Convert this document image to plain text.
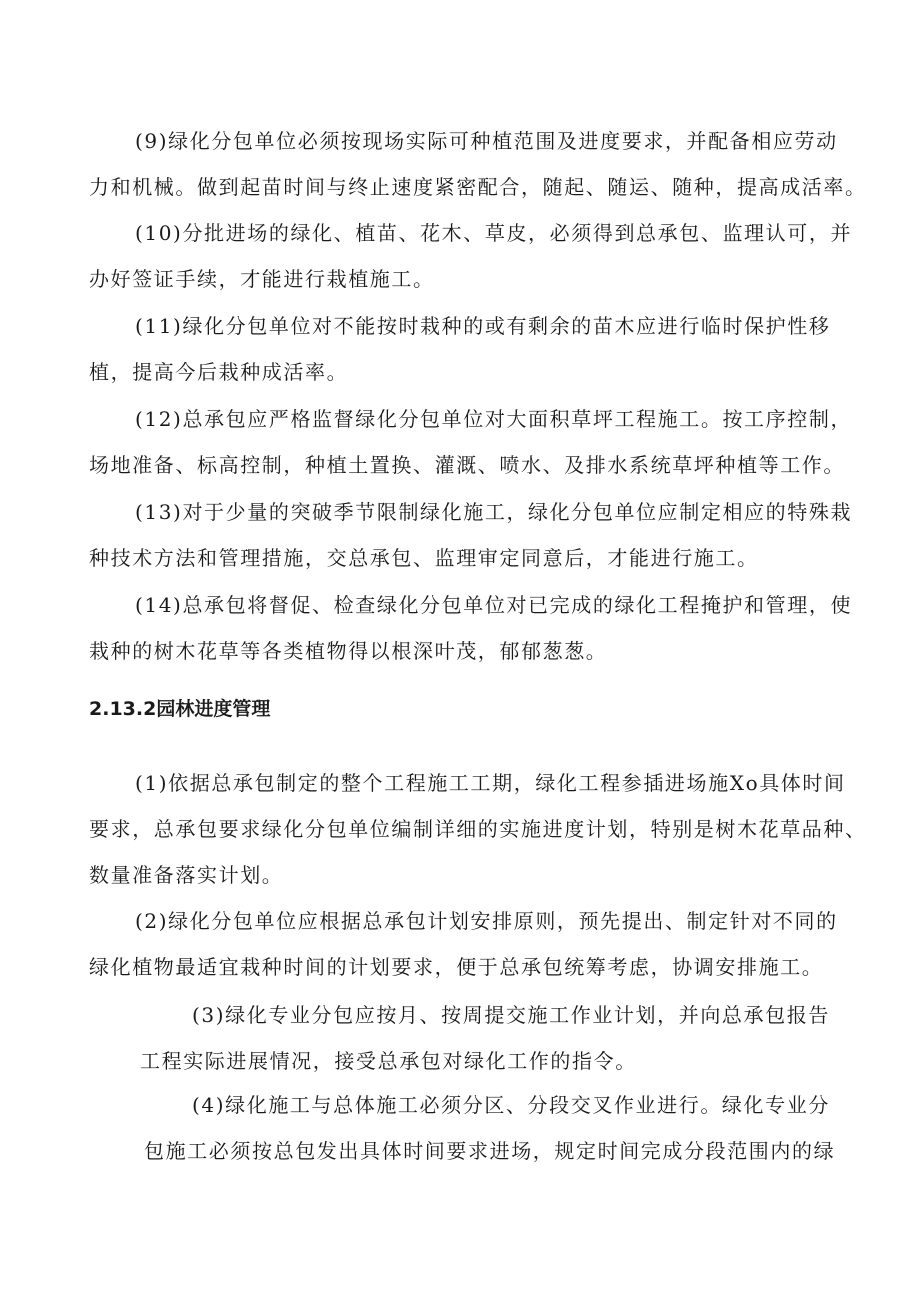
(9)绿化分包单位必须按现场实际可种植范围及进度要求，并配备相应劳动
力和机械。做到起苗时间与终止速度紧密配合，随起、随运、随种，提高成活率。
(10)分批进场的绿化、植苗、花木、草皮，必须得到总承包、监理认可，并
办好签证手续，才能进行栽植施工。
(11)绿化分包单位对不能按时栽种的或有剩余的苗木应进行临时保护性移
植，提高今后栽种成活率。
(12)总承包应严格监督绿化分包单位对大面积草坪工程施工。按工序控制，
场地准备、标高控制，种植土置换、灌溉、喷水、及排水系统草坪种植等工作。
(13)对于少量的突破季节限制绿化施工，绿化分包单位应制定相应的特殊栽
种技术方法和管理措施，交总承包、监理审定同意后，才能进行施工。
(14)总承包将督促、检查绿化分包单位对已完成的绿化工程掩护和管理，使
栽种的树木花草等各类植物得以根深叶茂，郁郁葱葱。
2.13.2园林进度管理
(1)依据总承包制定的整个工程施工工期，绿化工程参插进场施Xo具体时间
要求，总承包要求绿化分包单位编制详细的实施进度计划，特别是树木花草品种、
数量准备落实计划。
(2)绿化分包单位应根据总承包计划安排原则，预先提出、制定针对不同的
绿化植物最适宜栽种时间的计划要求，便于总承包统筹考虑，协调安排施工。
(3)绿化专业分包应按月、按周提交施工作业计划，并向总承包报告
工程实际进展情况，接受总承包对绿化工作的指令。
(4)绿化施工与总体施工必须分区、分段交叉作业进行。绿化专业分
包施工必须按总包发出具体时间要求进场，规定时间完成分段范围内的绿
